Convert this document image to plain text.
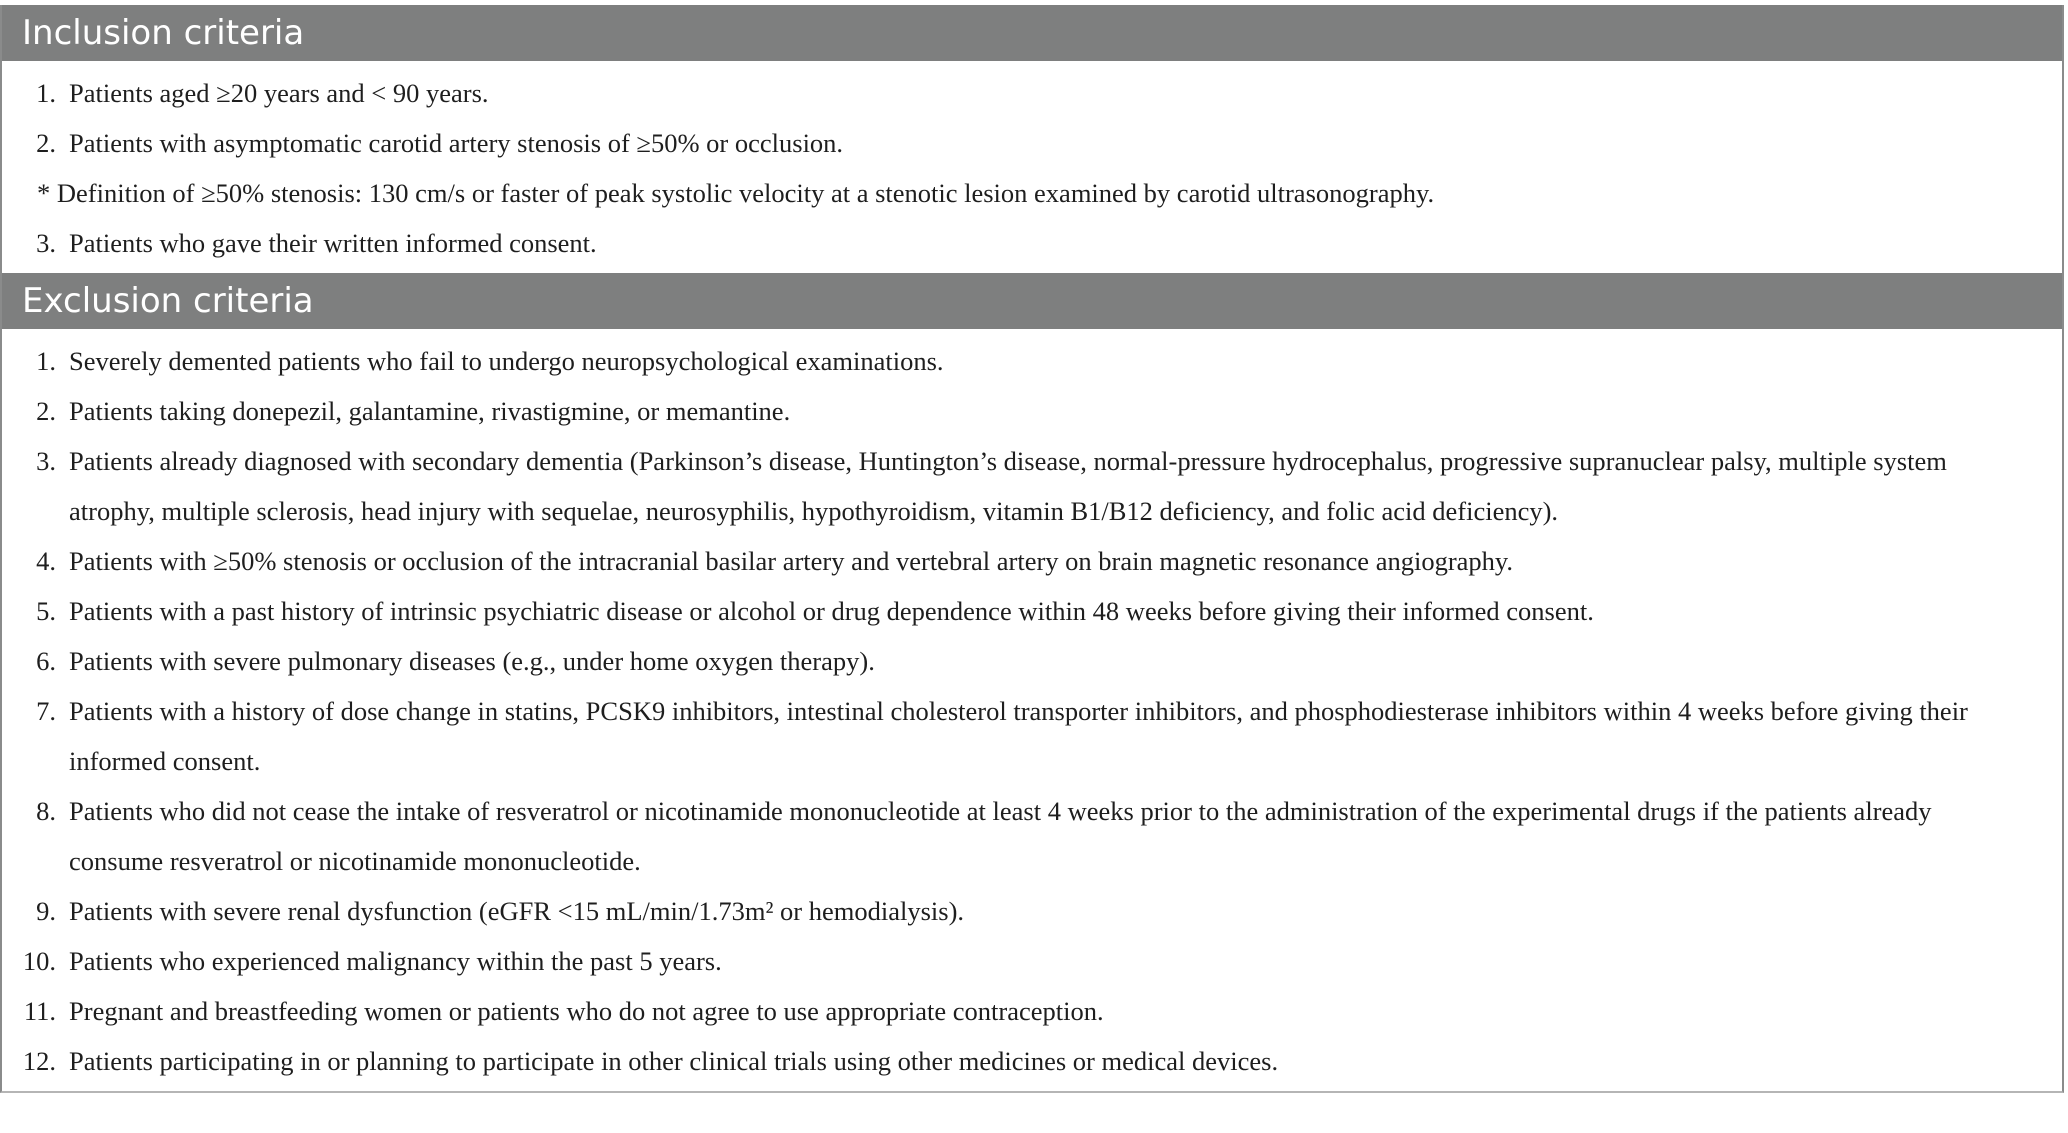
Inclusion criteria
1. Patients aged ≥20 years and < 90 years.
2. Patients with asymptomatic carotid artery stenosis of ≥50% or occlusion.
* Definition of ≥50% stenosis: 130 cm/s or faster of peak systolic velocity at a stenotic lesion examined by carotid ultrasonography.
3. Patients who gave their written informed consent.
Exclusion criteria
1. Severely demented patients who fail to undergo neuropsychological examinations.
2. Patients taking donepezil, galantamine, rivastigmine, or memantine.
3. Patients already diagnosed with secondary dementia (Parkinson’s disease, Huntington’s disease, normal-pressure hydrocephalus, progressive supranuclear palsy, multiple system atrophy, multiple sclerosis, head injury with sequelae, neurosyphilis, hypothyroidism, vitamin B1/B12 deficiency, and folic acid deficiency).
4. Patients with ≥50% stenosis or occlusion of the intracranial basilar artery and vertebral artery on brain magnetic resonance angiography.
5. Patients with a past history of intrinsic psychiatric disease or alcohol or drug dependence within 48 weeks before giving their informed consent.
6. Patients with severe pulmonary diseases (e.g., under home oxygen therapy).
7. Patients with a history of dose change in statins, PCSK9 inhibitors, intestinal cholesterol transporter inhibitors, and phosphodiesterase inhibitors within 4 weeks before giving their informed consent.
8. Patients who did not cease the intake of resveratrol or nicotinamide mononucleotide at least 4 weeks prior to the administration of the experimental drugs if the patients already consume resveratrol or nicotinamide mononucleotide.
9. Patients with severe renal dysfunction (eGFR <15 mL/min/1.73m² or hemodialysis).
10. Patients who experienced malignancy within the past 5 years.
11. Pregnant and breastfeeding women or patients who do not agree to use appropriate contraception.
12. Patients participating in or planning to participate in other clinical trials using other medicines or medical devices.
